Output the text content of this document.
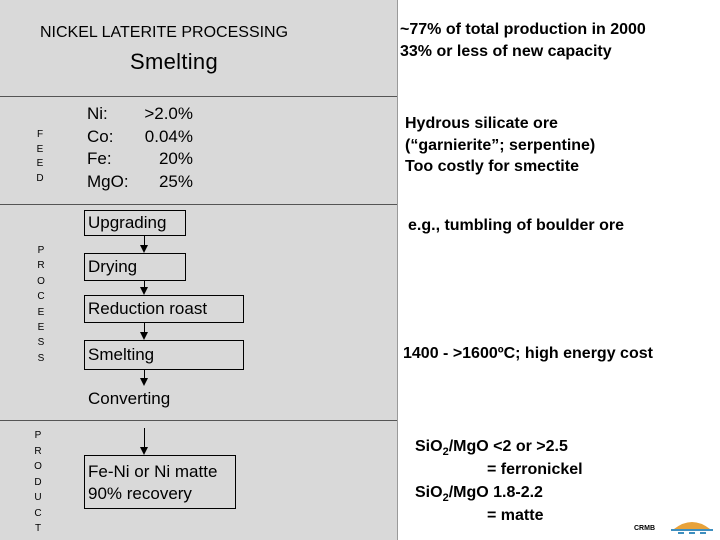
NICKEL LATERITE PROCESSING
Smelting
F
E
E
D
P
R
O
C
E
E
S
S
P
R
O
D
U
C
T
Ni:	>2.0%
Co:	0.04%
Fe:	20%
MgO:	25%
Upgrading
Drying
Reduction roast
Smelting
Converting
Fe-Ni or Ni matte
90% recovery
~77% of total production in 2000
33% or less of new capacity
Hydrous silicate ore
(“garnierite”; serpentine)
Too costly for smectite
e.g., tumbling of boulder ore
1400 - >1600ºC; high energy cost
SiO$_2$/MgO <2 or >2.5
= ferronickel
SiO$_2$/MgO 1.8-2.2
= matte
CRMB
